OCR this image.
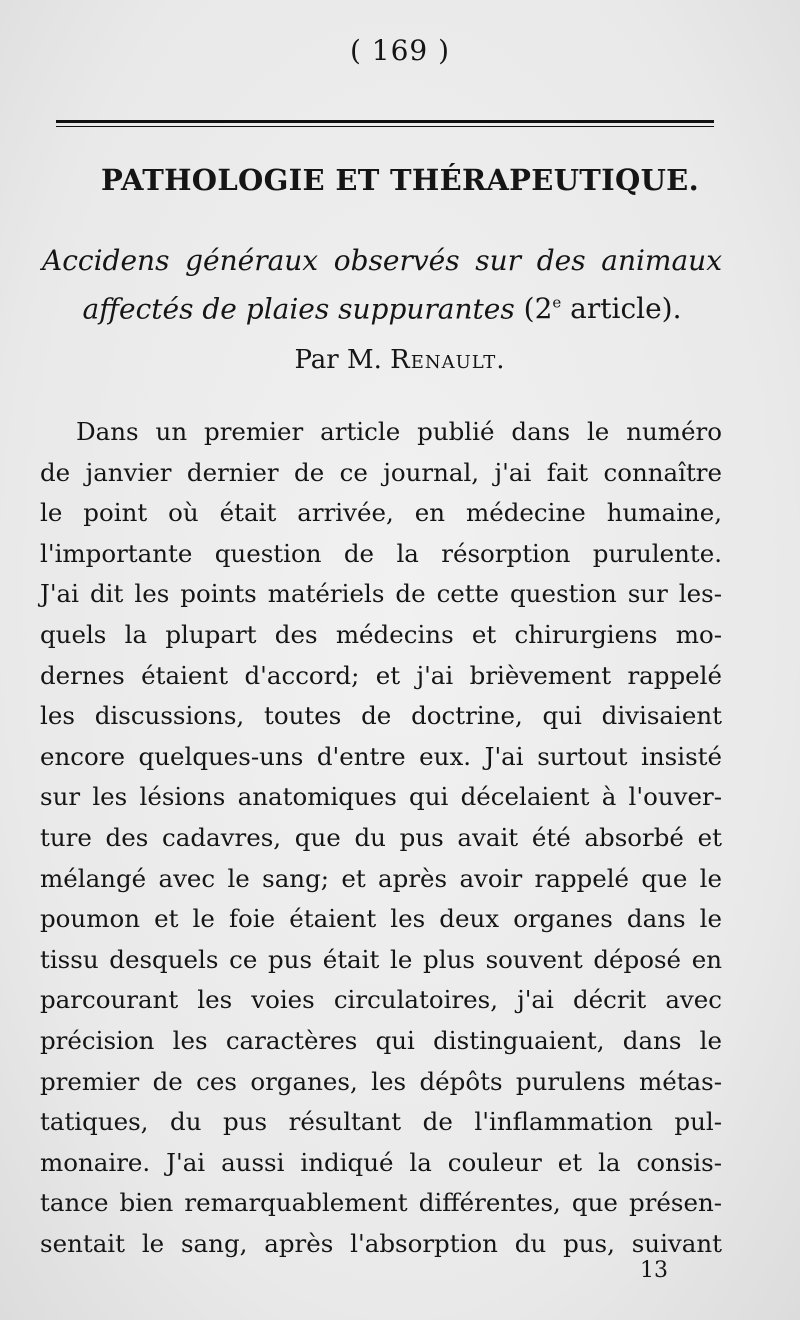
( 169 )
PATHOLOGIE ET THÉRAPEUTIQUE.
Accidens généraux observés sur des animaux affectés de plaies suppurantes (2e article).
Par M. Renault.
Dans un premier article publié dans le numéro
de janvier dernier de ce journal, j'ai fait connaître
le point où était arrivée, en médecine humaine,
l'importante question de la résorption purulente.
J'ai dit les points matériels de cette question sur les-
quels la plupart des médecins et chirurgiens mo-
dernes étaient d'accord; et j'ai brièvement rappelé
les discussions, toutes de doctrine, qui divisaient
encore quelques-uns d'entre eux. J'ai surtout insisté
sur les lésions anatomiques qui décelaient à l'ouver-
ture des cadavres, que du pus avait été absorbé et
mélangé avec le sang; et après avoir rappelé que le
poumon et le foie étaient les deux organes dans le
tissu desquels ce pus était le plus souvent déposé en
parcourant les voies circulatoires, j'ai décrit avec
précision les caractères qui distinguaient, dans le
premier de ces organes, les dépôts purulens métas-
tatiques, du pus résultant de l'inflammation pul-
monaire. J'ai aussi indiqué la couleur et la consis-
tance bien remarquablement différentes, que présen-
sentait le sang, après l'absorption du pus, suivant
13
